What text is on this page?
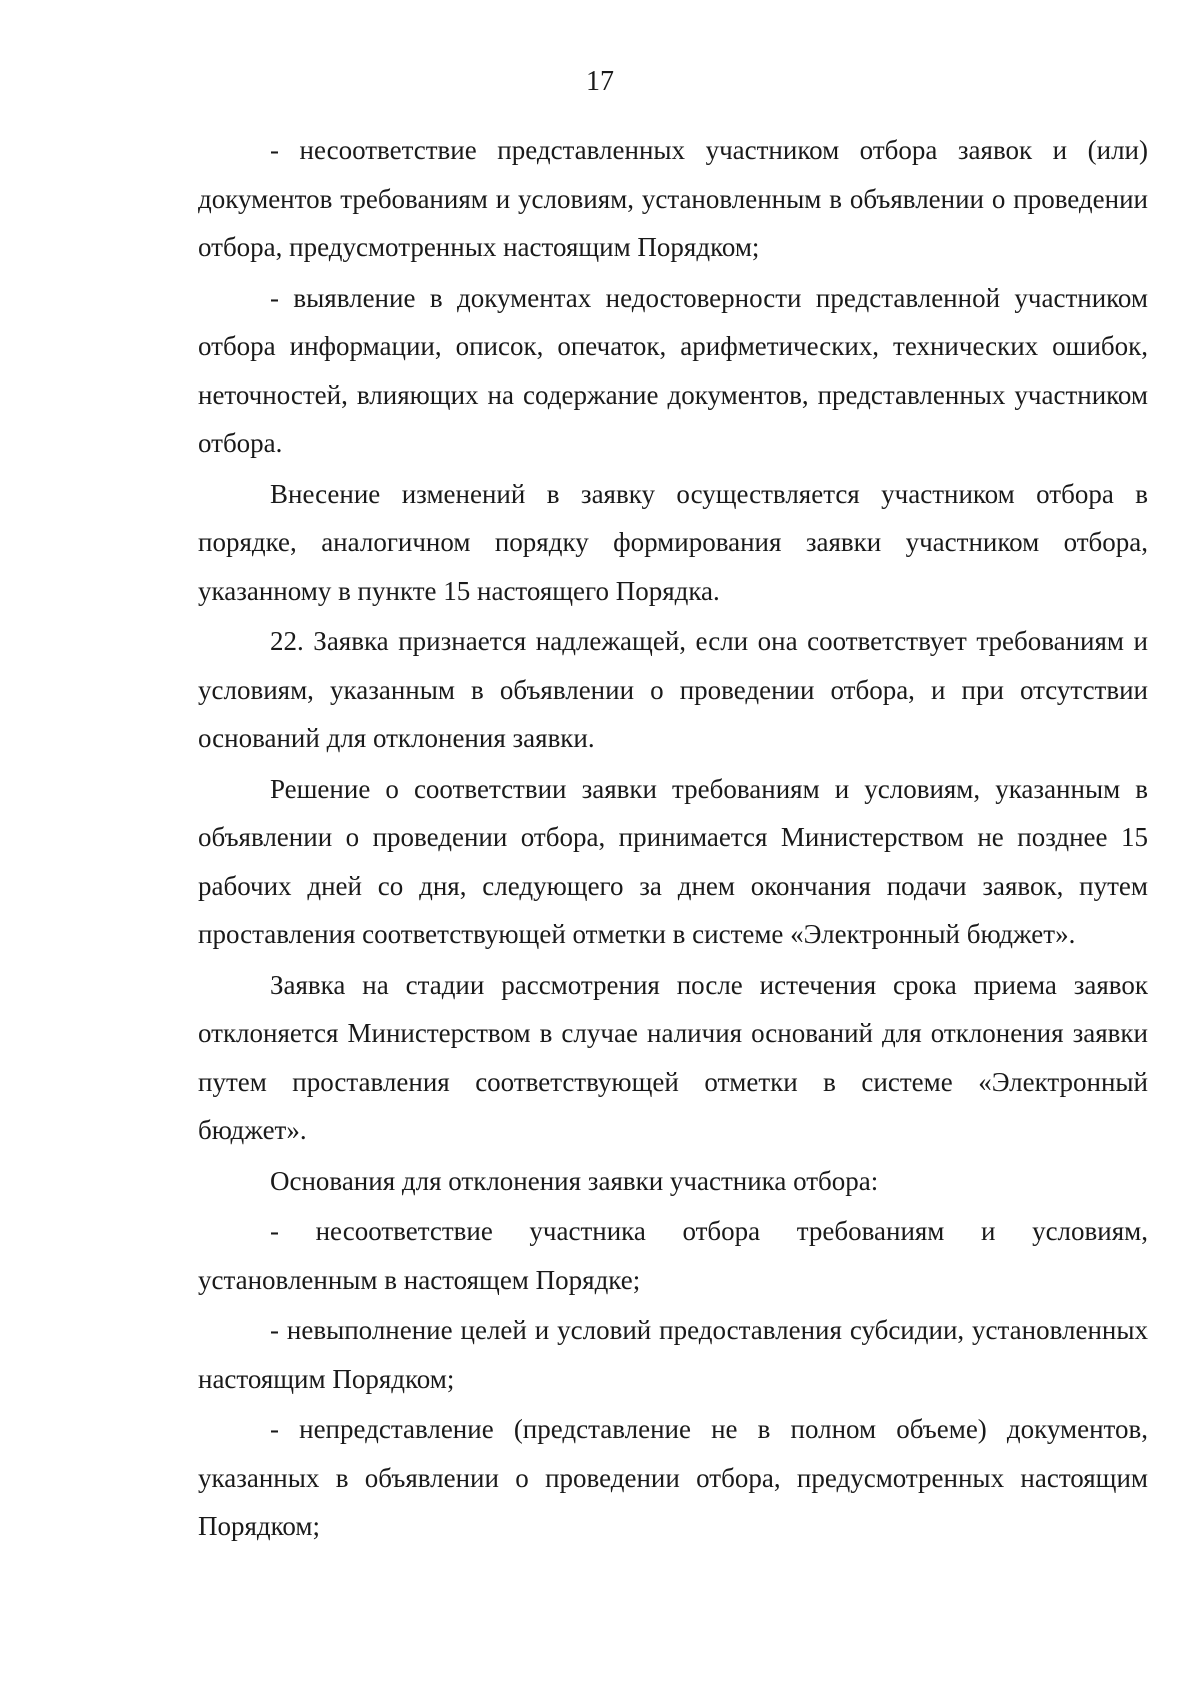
17

- несоответствие представленных участником отбора заявок и (или) документов требованиям и условиям, установленным в объявлении о проведении отбора, предусмотренных настоящим Порядком;

- выявление в документах недостоверности представленной участником отбора информации, описок, опечаток, арифметических, технических ошибок, неточностей, влияющих на содержание документов, представленных участником отбора.

Внесение изменений в заявку осуществляется участником отбора в порядке, аналогичном порядку формирования заявки участником отбора, указанному в пункте 15 настоящего Порядка.

22. Заявка признается надлежащей, если она соответствует требованиям и условиям, указанным в объявлении о проведении отбора, и при отсутствии оснований для отклонения заявки.

Решение о соответствии заявки требованиям и условиям, указанным в объявлении о проведении отбора, принимается Министерством не позднее 15 рабочих дней со дня, следующего за днем окончания подачи заявок, путем проставления соответствующей отметки в системе «Электронный бюджет».

Заявка на стадии рассмотрения после истечения срока приема заявок отклоняется Министерством в случае наличия оснований для отклонения заявки путем проставления соответствующей отметки в системе «Электронный бюджет».

Основания для отклонения заявки участника отбора:

- несоответствие участника отбора требованиям и условиям, установленным в настоящем Порядке;

- невыполнение целей и условий предоставления субсидии, установленных настоящим Порядком;

- непредставление (представление не в полном объеме) документов, указанных в объявлении о проведении отбора, предусмотренных настоящим Порядком;
